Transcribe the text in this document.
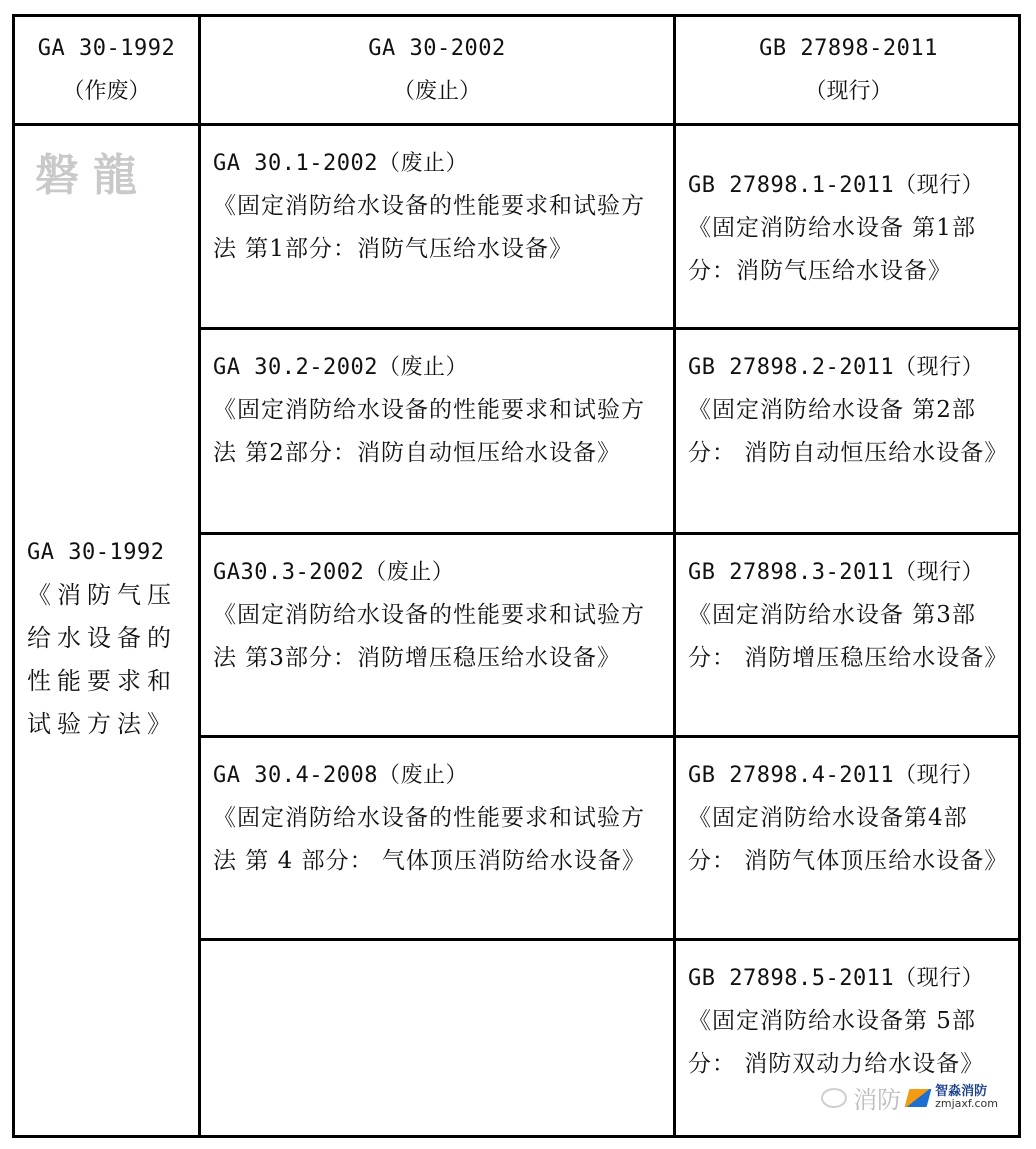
GA 30-1992
（作废）
GA 30-2002
（废止）
GB 27898-2011
（现行）
GA 30-1992
《消防气压
给水设备的
性能要求和
试验方法》
GA 30.1-2002（废止）
《固定消防给水设备的性能要求和试验方法 第1部分：消防气压给水设备》
GB 27898.1-2011（现行）
《固定消防给水设备 第1部分：消防气压给水设备》
GA 30.2-2002（废止）
《固定消防给水设备的性能要求和试验方法 第2部分：消防自动恒压给水设备》
GB 27898.2-2011（现行）
《固定消防给水设备 第2部分： 消防自动恒压给水设备》
GA30.3-2002（废止）
《固定消防给水设备的性能要求和试验方法 第3部分：消防增压稳压给水设备》
GB 27898.3-2011（现行）
《固定消防给水设备 第3部分： 消防增压稳压给水设备》
GA 30.4-2008（废止）
《固定消防给水设备的性能要求和试验方法 第 4 部分： 气体顶压消防给水设备》
GB 27898.4-2011（现行）
《固定消防给水设备第4部分： 消防气体顶压给水设备》
GB 27898.5-2011（现行）
《固定消防给水设备第 5部分： 消防双动力给水设备》
磐龍
消防	智淼消防
zmjaxf.com
